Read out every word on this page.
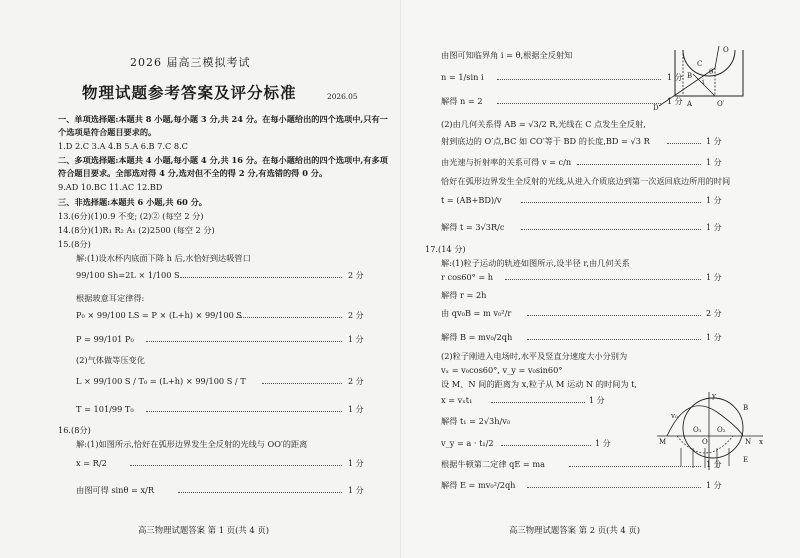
2026 届高三模拟考试
物理试题参考答案及评分标准	2026.05
一、单项选择题:本题共 8 小题,每小题 3 分,共 24 分。在每小题给出的四个选项中,只有一
个选项是符合题目要求的。
1.D 2.C 3.A 4.B 5.A 6.B 7.C 8.C
二、多项选择题:本题共 4 小题,每小题 4 分,共 16 分。在每小题给出的四个选项中,有多项
符合题目要求。全部选对得 4 分,选对但不全的得 2 分,有选错的得 0 分。
9.AD 10.BC 11.AC 12.BD
三、非选择题:本题共 6 小题,共 60 分。
13.(6分)(1)0.9 不变; (2)② (每空 2 分)
14.(8分)(1)R₁ R₂ A₁ (2)2500 (每空 2 分)
15.(8分)
解:(1)设水杯内底面下降 h 后,水恰好到达吸管口
99/100 Sh=2L × 1/100 S	2 分
根据玻意耳定律得:
P₀ × 99/100 LS = P × (L+h) × 99/100 S	2 分
P = 99/101 P₀	1 分
(2)气体做等压变化
L × 99/100 S / T₀ = (L+h) × 99/100 S / T	2 分
T = 101/99 T₀	1 分
16.(8分)
解:(1)如图所示,恰好在弧形边界发生全反射的光线与 OO′的距离
x = R/2	1 分
由图可得 sinθ = x/R	1 分
高三物理试题答案 第 1 页(共 4 页)
由图可知临界角 i = θ,根据全反射知
n = 1/sin i	1 分
解得 n = 2	1 分
(2)由几何关系得 AB = √3/2 R,光线在 C 点发生全反射,
射到底边的 O′点,BC 如 CO′等于 BD 的长度,BD = √3 R	1 分
由光速与折射率的关系可得 v = c/n	1 分
恰好在弧形边界发生全反射的光线,从进入介质底边到第一次返回底边所用的时间
t = (AB+BD)/v	1 分
解得 t = 3√3R/c	1 分
17.(14 分)
解:(1)粒子运动的轨迹如图所示,设半径 r,由几何关系
r cos60° = h	1 分
解得 r = 2h
由 qv₀B = m v₀²/r	2 分
解得 B = mv₀/2qh	1 分
(2)粒子刚进入电场时,水平及竖直分速度大小分别为
vₓ = v₀cos60°, v_y = v₀sin60°
设 M、N 间的距离为 x,粒子从 M 运动 N 的时间为 t,
x = vₓt₁	1 分
解得 t₁ = 2√3h/v₀
v_y = a · t₁/2	1 分
根据牛顿第二定律 qE = ma	1 分
解得 E = mv₀²/2qh	1 分
D	A
B
C
O
O′
θ
i
y
B
O
M	N x
O₁ O₂
E
v₀
高三物理试题答案 第 2 页(共 4 页)
